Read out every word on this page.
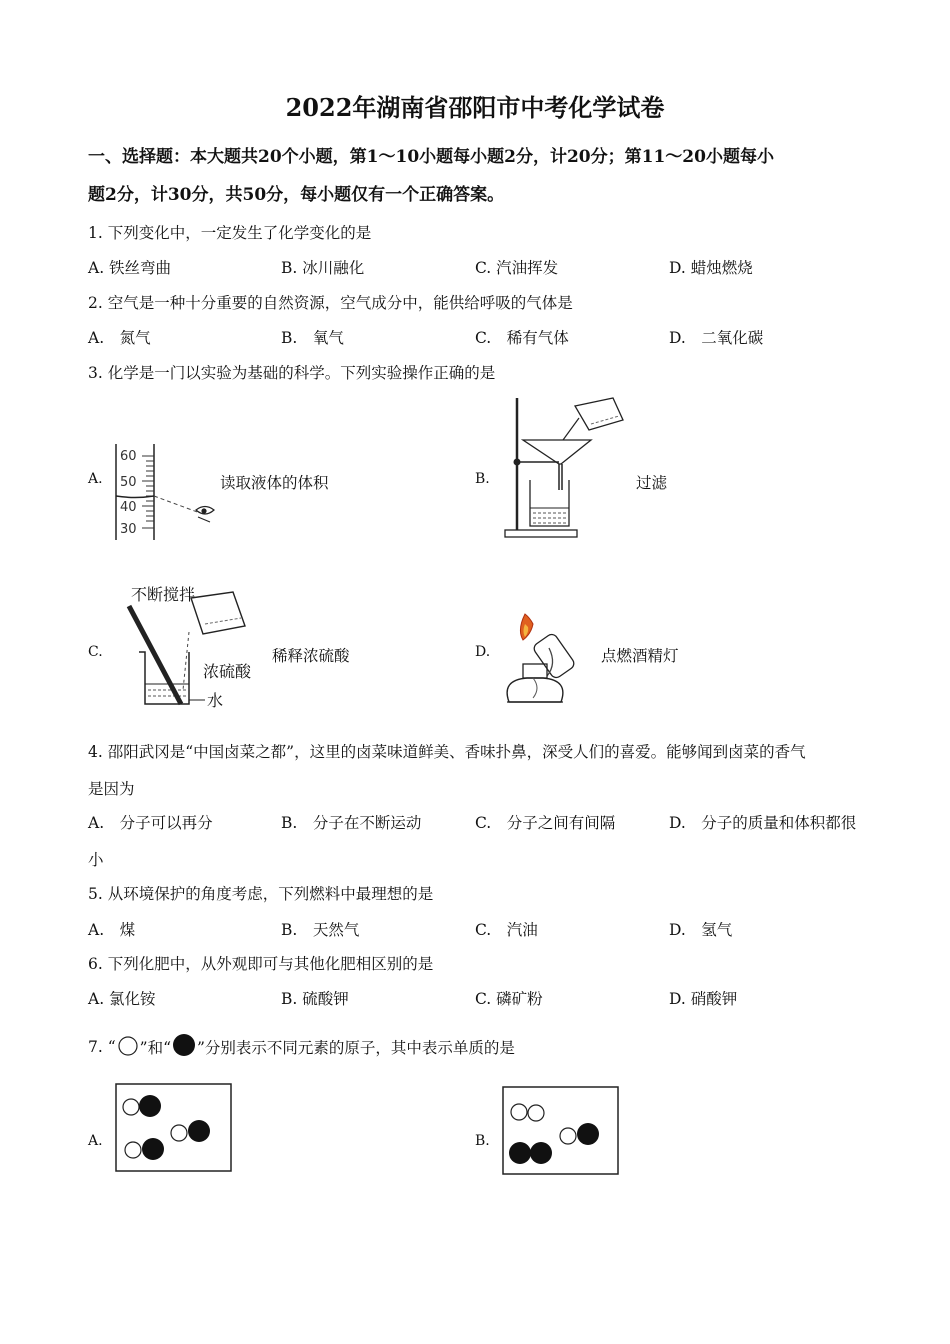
2022年湖南省邵阳市中考化学试卷
一、选择题：本大题共20个小题，第1～10小题每小题2分，计20分；第11～20小题每小
题2分，计30分，共50分，每小题仅有一个正确答案。
1. 下列变化中，一定发生了化学变化的是
A. 铁丝弯曲	B. 冰川融化	C. 汽油挥发	D. 蜡烛燃烧
2. 空气是一种十分重要的自然资源，空气成分中，能供给呼吸的气体是
A.　氮气	B.　氧气	C.　稀有气体	D.　二氧化碳
3. 化学是一门以实验为基础的科学。下列实验操作正确的是
A.
60
50
40
30
读取液体的体积	B.	过滤
C.
不断搅拌
浓硫酸
水
稀释浓硫酸	D.	点燃酒精灯
4. 邵阳武冈是“中国卤菜之都”，这里的卤菜味道鲜美、香味扑鼻，深受人们的喜爱。能够闻到卤菜的香气
是因为
A.　分子可以再分	B.　分子在不断运动	C.　分子之间有间隔	D.　分子的质量和体积都很
小
5. 从环境保护的角度考虑，下列燃料中最理想的是
A.　煤	B.　天然气	C.　汽油	D.　氢气
6. 下列化肥中，从外观即可与其他化肥相区别的是
A. 氯化铵	B. 硫酸钾	C. 磷矿粉	D. 硝酸钾
7. “ ”和“ ”分别表示不同元素的原子，其中表示单质的是
A.	B.
